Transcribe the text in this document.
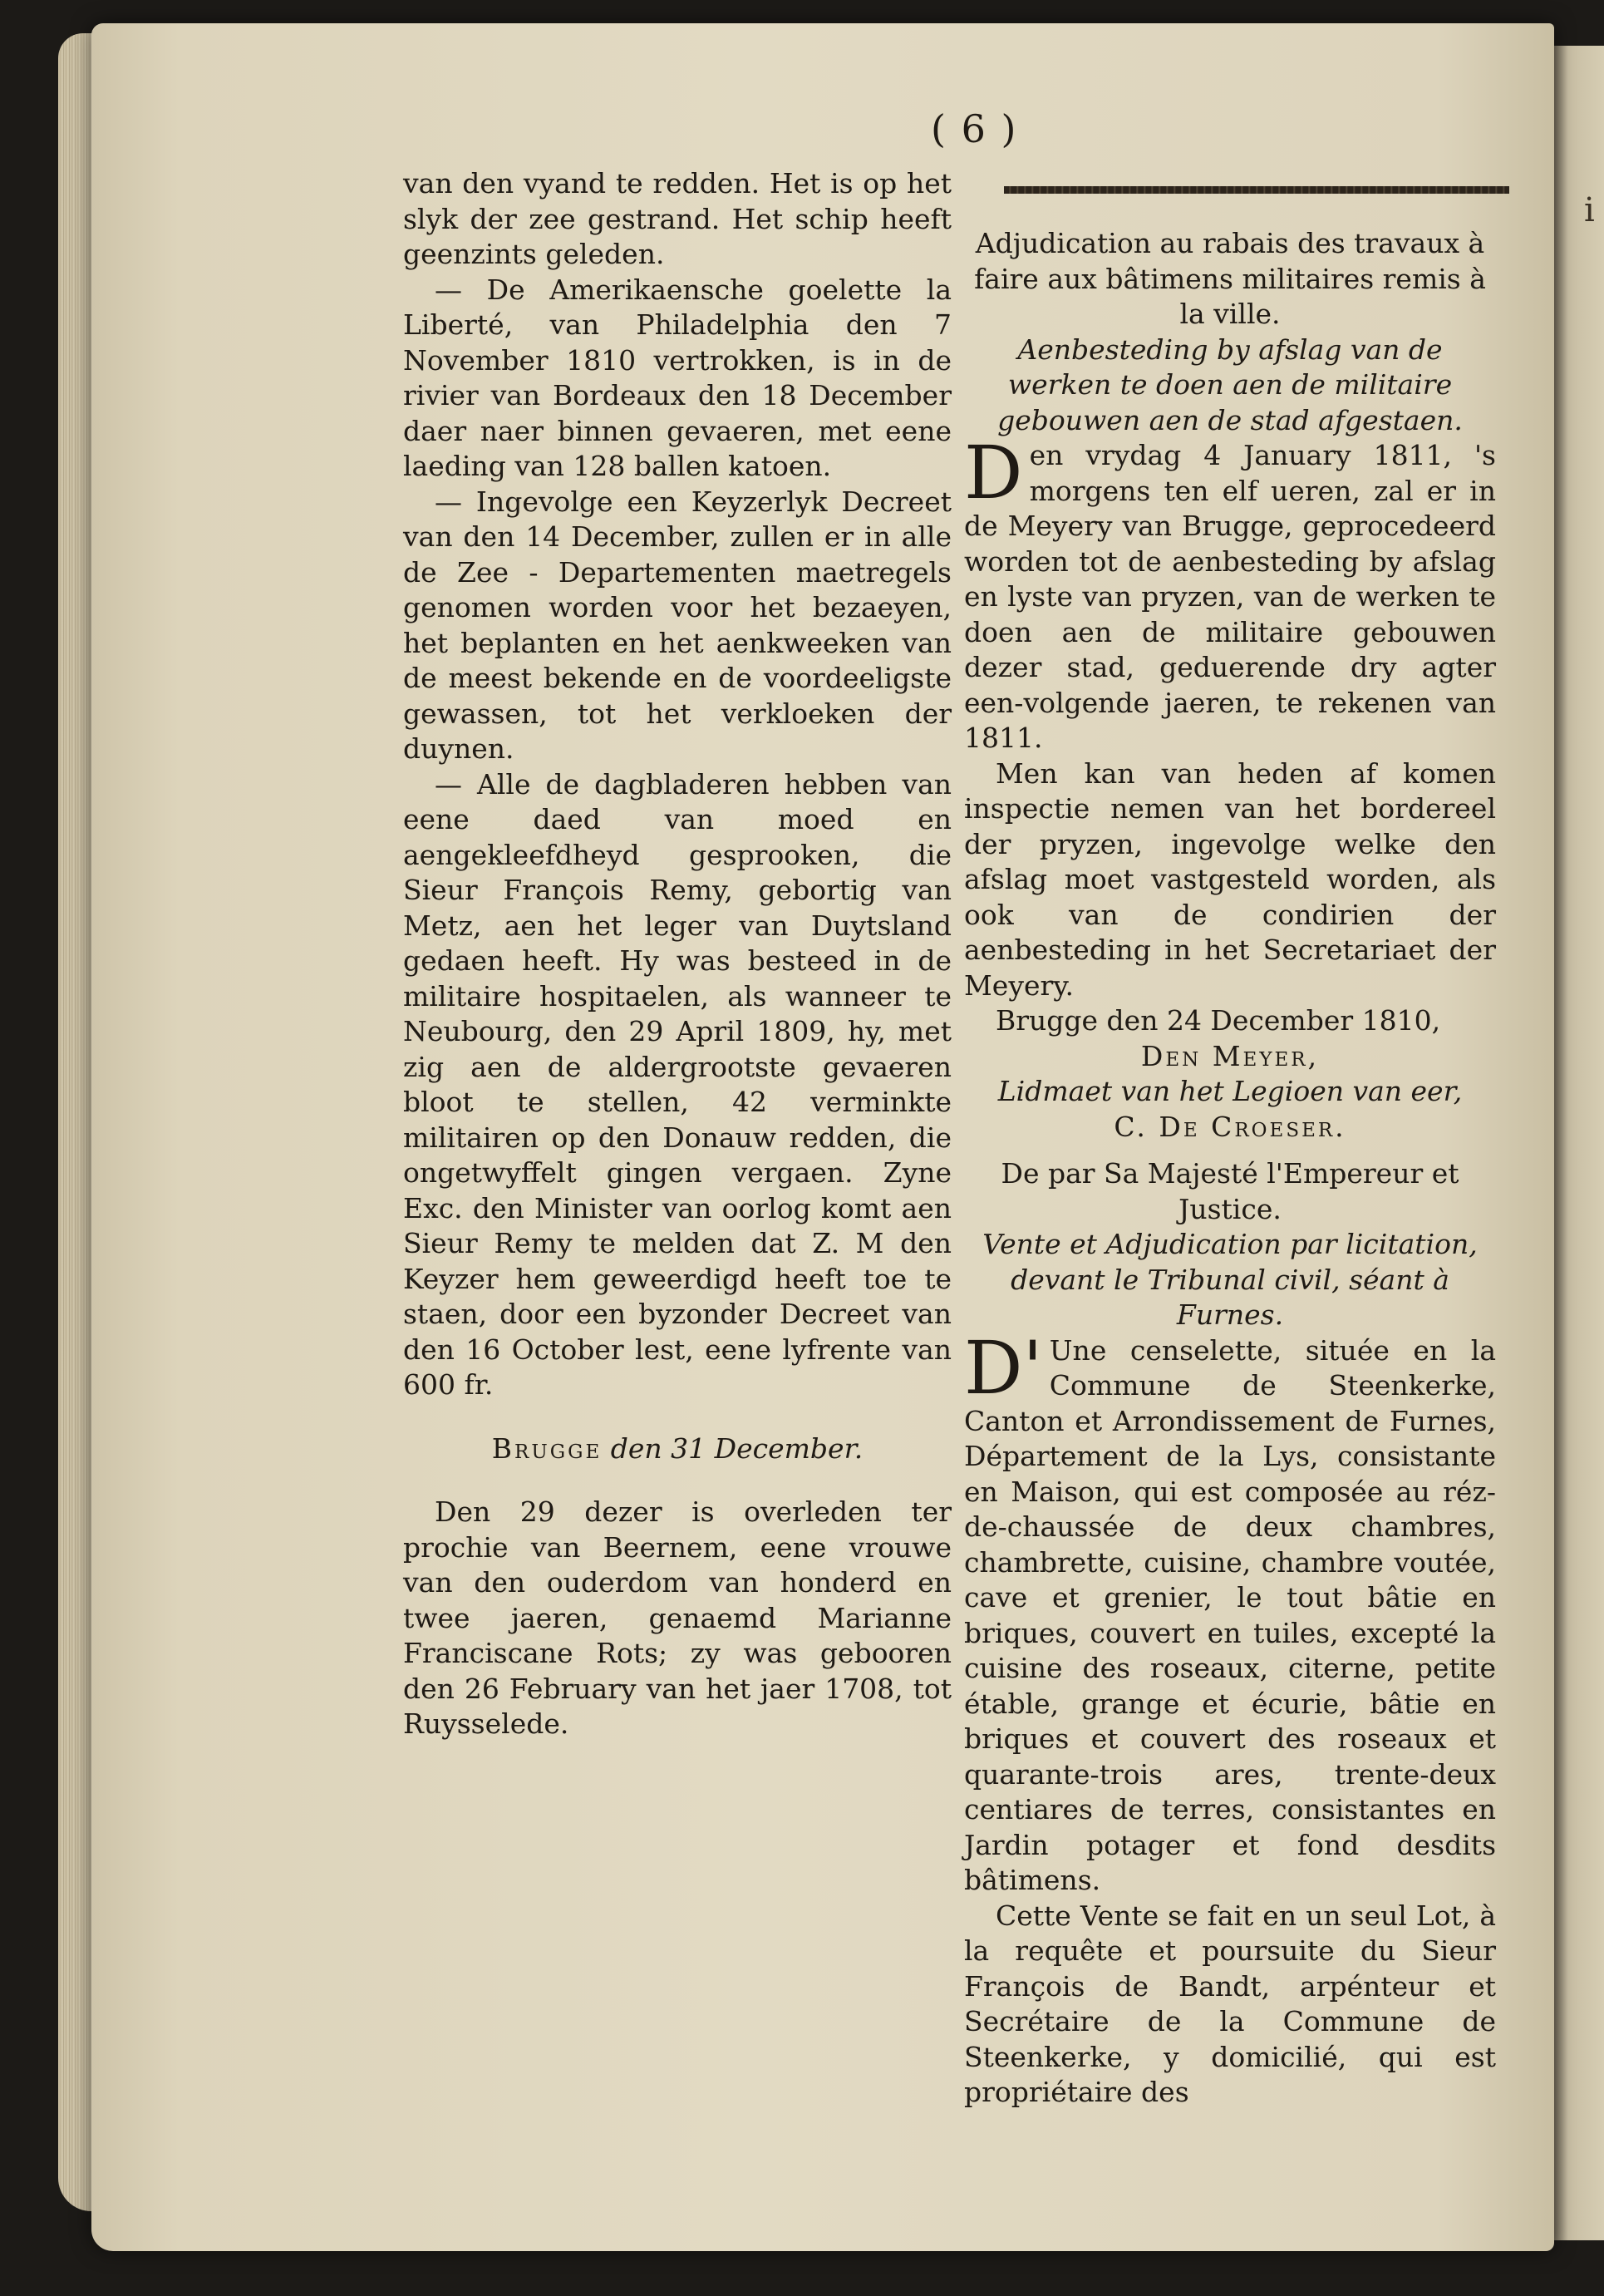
i
( 6 )

van den vyand te redden. Het is op het slyk der zee gestrand. Het schip heeft geenzints geleden.

— De Amerikaensche goelette la Liberté, van Philadelphia den 7 November 1810 vertrokken, is in de rivier van Bordeaux den 18 December daer naer binnen gevaeren, met eene laeding van 128 ballen katoen.

— Ingevolge een Keyzerlyk Decreet van den 14 December, zullen er in alle de Zee - Departementen maetregels genomen worden voor het bezaeyen, het beplanten en het aenkweeken van de meest bekende en de voordeeligste gewassen, tot het verkloeken der duynen.

— Alle de dagbladeren hebben van eene daed van moed en aengekleefdheyd gesprooken, die Sieur François Remy, gebortig van Metz, aen het leger van Duytsland gedaen heeft. Hy was besteed in de militaire hospitaelen, als wanneer te Neubourg, den 29 April 1809, hy, met zig aen de aldergrootste gevaeren bloot te stellen, 42 verminkte militairen op den Donauw redden, die ongetwyffelt gingen vergaen. Zyne Exc. den Minister van oorlog komt aen Sieur Remy te melden dat Z. M den Keyzer hem geweerdigd heeft toe te staen, door een byzonder Decreet van den 16 October lest, eene lyfrente van 600 fr.

Brugge den 31 December.

Den 29 dezer is overleden ter prochie van Beernem, eene vrouwe van den ouderdom van honderd en twee jaeren, genaemd Marianne Franciscane Rots; zy was gebooren den 26 February van het jaer 1708, tot Ruysselede.

Adjudication au rabais des travaux à faire aux bâtimens militaires remis à la ville.

Aenbesteding by afslag van de werken te doen aen de militaire gebouwen aen de stad afgestaen.

Den vrydag 4 January 1811, 's morgens ten elf ueren, zal er in de Meyery van Brugge, geprocedeerd worden tot de aenbesteding by afslag en lyste van pryzen, van de werken te doen aen de militaire gebouwen dezer stad, geduerende dry agter een-volgende jaeren, te rekenen van 1811.

Men kan van heden af komen inspectie nemen van het bordereel der pryzen, ingevolge welke den afslag moet vastgesteld worden, als ook van de condirien der aenbesteding in het Secretariaet der Meyery.

Brugge den 24 December 1810,

Den Meyer,

Lidmaet van het Legioen van eer,

C. De Croeser.

De par Sa Majesté l'Empereur et Justice.

Vente et Adjudication par licitation, devant le Tribunal civil, séant à Furnes.

D'Une censelette, située en la Commune de Steenkerke, Canton et Arrondissement de Furnes, Département de la Lys, consistante en Maison, qui est composée au réz-de-chaussée de deux chambres, chambrette, cuisine, chambre voutée, cave et grenier, le tout bâtie en briques, couvert en tuiles, excepté la cuisine des roseaux, citerne, petite étable, grange et écurie, bâtie en briques et couvert des roseaux et quarante-trois ares, trente-deux centiares de terres, consistantes en Jardin potager et fond desdits bâtimens.

Cette Vente se fait en un seul Lot, à la requête et poursuite du Sieur François de Bandt, arpénteur et Secrétaire de la Commune de Steenkerke, y domicilié, qui est propriétaire des
